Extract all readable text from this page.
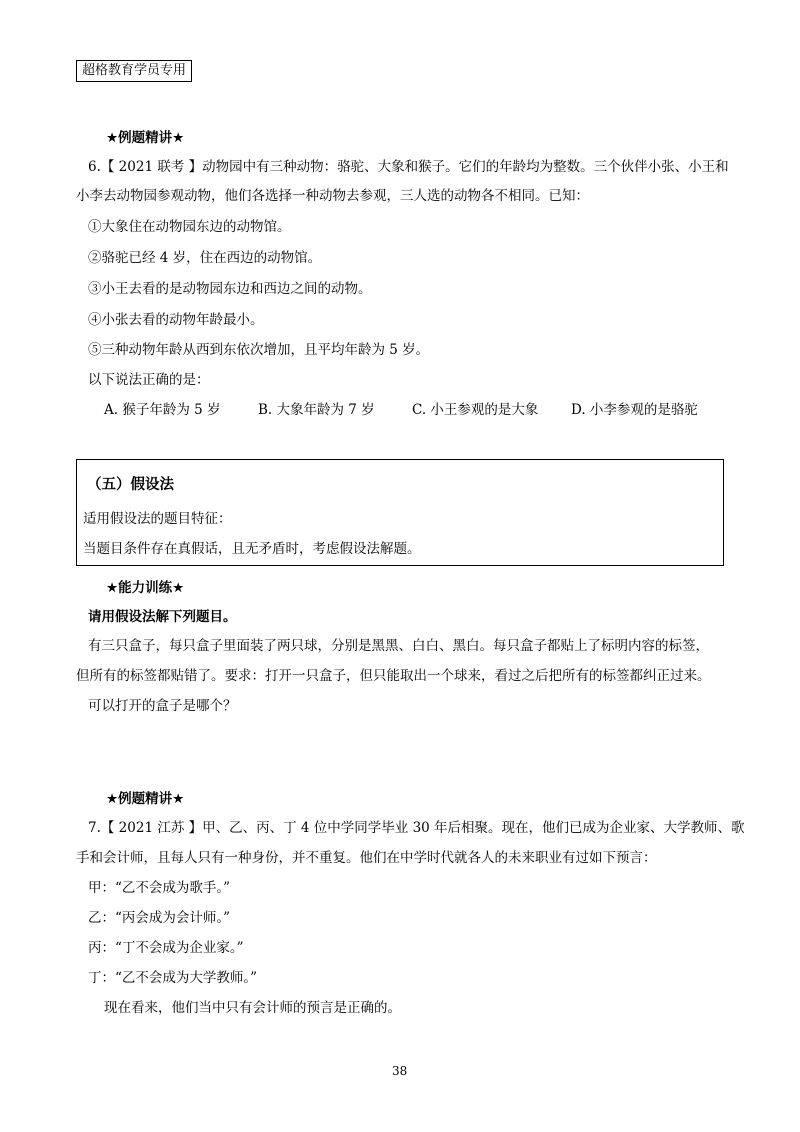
超格教育学员专用
★例题精讲★
6.【 2021 联考 】动物园中有三种动物：骆驼、大象和猴子。它们的年龄均为整数。三个伙伴小张、小王和
小李去动物园参观动物，他们各选择一种动物去参观，三人选的动物各不相同。已知：
①大象住在动物园东边的动物馆。
②骆驼已经 4 岁，住在西边的动物馆。
③小王去看的是动物园东边和西边之间的动物。
④小张去看的动物年龄最小。
⑤三种动物年龄从西到东依次增加，且平均年龄为 5 岁。
以下说法正确的是：
A. 猴子年龄为 5 岁	B. 大象年龄为 7 岁	C. 小王参观的是大象 D. 小李参观的是骆驼
（五）假设法
适用假设法的题目特征：
当题目条件存在真假话，且无矛盾时，考虑假设法解题。
★能力训练★
请用假设法解下列题目。
有三只盒子，每只盒子里面装了两只球，分别是黑黑、白白、黑白。每只盒子都贴上了标明内容的标签，
但所有的标签都贴错了。要求：打开一只盒子，但只能取出一个球来，看过之后把所有的标签都纠正过来。
可以打开的盒子是哪个？
★例题精讲★
7.【 2021 江苏 】甲、乙、丙、丁 4 位中学同学毕业 30 年后相聚。现在，他们已成为企业家、大学教师、歌
手和会计师，且每人只有一种身份，并不重复。他们在中学时代就各人的未来职业有过如下预言：
甲：“乙不会成为歌手。”
乙：“丙会成为会计师。”
丙：“丁不会成为企业家。”
丁：“乙不会成为大学教师。”
现在看来，他们当中只有会计师的预言是正确的。
38
